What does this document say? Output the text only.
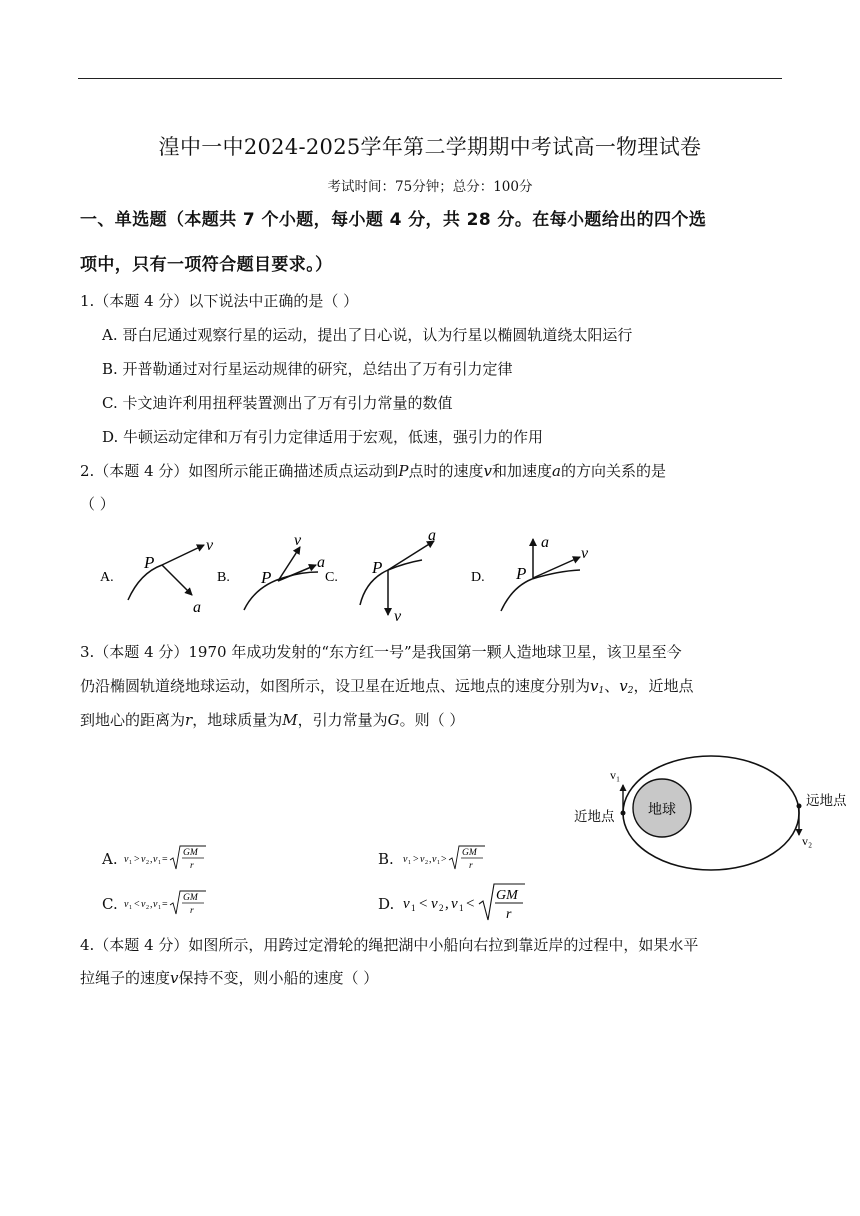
湟中一中2024-2025学年第二学期期中考试高一物理试卷
考试时间：75分钟；总分：100分
一、单选题（本题共 7 个小题，每小题 4 分，共 28 分。在每小题给出的四个选
项中，只有一项符合题目要求。）
1.（本题 4 分）以下说法中正确的是（ ）
A. 哥白尼通过观察行星的运动，提出了日心说，认为行星以椭圆轨道绕太阳运行
B. 开普勒通过对行星运动规律的研究，总结出了万有引力定律
C. 卡文迪许利用扭秤装置测出了万有引力常量的数值
D. 牛顿运动定律和万有引力定律适用于宏观，低速，强引力的作用
2.（本题 4 分）如图所示能正确描述质点运动到P点时的速度v和加速度a的方向关系的是
（ ）
A.
P
v
a
B. P
v
a
C.
P
a
v
D. P
a
v
3.（本题 4 分）1970 年成功发射的“东方红一号”是我国第一颗人造地球卫星，该卫星至今
仍沿椭圆轨道绕地球运动，如图所示，设卫星在近地点、远地点的速度分别为v1、v2，近地点
到地心的距离为r，地球质量为M，引力常量为G。则（ ）
地球
v₁
v₂
近地点
远地点
A. v 1 > v 2 , v 1 =
GM
r	B. v 1 > v 2 , v 1 >
GM
r
C. v 1 < v 2 , v 1 =
GM
r	D. v 1 < v 2 , v 1 <
GM
r
4.（本题 4 分）如图所示，用跨过定滑轮的绳把湖中小船向右拉到靠近岸的过程中，如果水平
拉绳子的速度v保持不变，则小船的速度（ ）
